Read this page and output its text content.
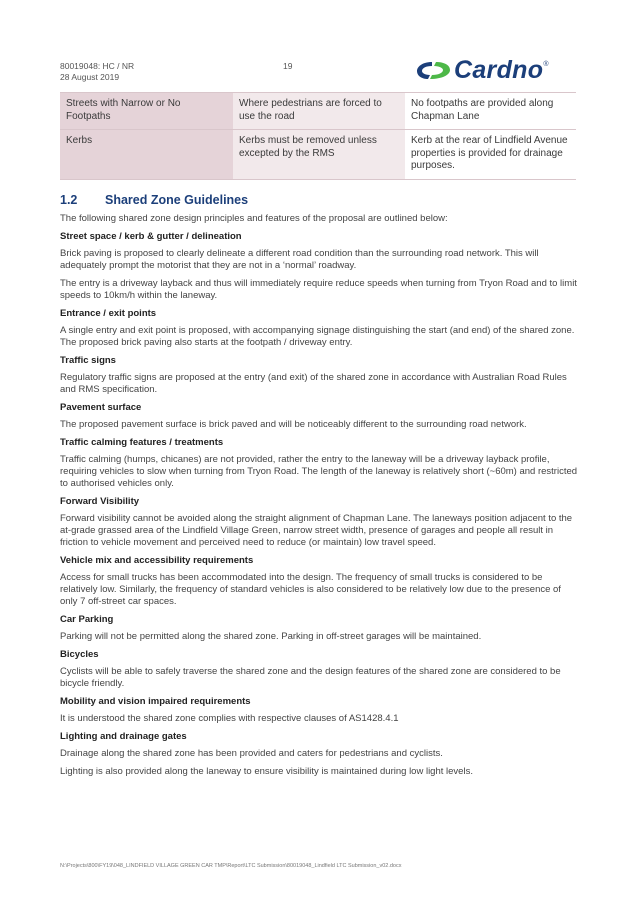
80019048: HC / NR
28 August 2019
19	Cardno ®
Streets with Narrow or No Footpaths	Where pedestrians are forced to use the road	No footpaths are provided along Chapman Lane
Kerbs	Kerbs must be removed unless excepted by the RMS	Kerb at the rear of Lindfield Avenue properties is provided for drainage purposes.
1.2 Shared Zone Guidelines

The following shared zone design principles and features of the proposal are outlined below:

Street space / kerb & gutter / delineation

Brick paving is proposed to clearly delineate a different road condition than the surrounding road network. This will adequately prompt the motorist that they are not in a ‘normal’ roadway.

The entry is a driveway layback and thus will immediately require reduce speeds when turning from Tryon Road and to limit speeds to 10km/h within the laneway.

Entrance / exit points

A single entry and exit point is proposed, with accompanying signage distinguishing the start (and end) of the shared zone. The proposed brick paving also starts at the footpath / driveway entry.

Traffic signs

Regulatory traffic signs are proposed at the entry (and exit) of the shared zone in accordance with Australian Road Rules and RMS specification.

Pavement surface

The proposed pavement surface is brick paved and will be noticeably different to the surrounding road network.

Traffic calming features / treatments

Traffic calming (humps, chicanes) are not provided, rather the entry to the laneway will be a driveway layback profile, requiring vehicles to slow when turning from Tryon Road. The length of the laneway is relatively short (~60m) and restricted to authorised vehicles only.

Forward Visibility

Forward visibility cannot be avoided along the straight alignment of Chapman Lane. The laneways position adjacent to the at-grade grassed area of the Lindfield Village Green, narrow street width, presence of garages and people all result in friction to vehicle movement and perceived need to reduce (or maintain) low travel speed.

Vehicle mix and accessibility requirements

Access for small trucks has been accommodated into the design. The frequency of small trucks is considered to be relatively low. Similarly, the frequency of standard vehicles is also considered to be relatively low due to the presence of only 7 off-street car spaces.

Car Parking

Parking will not be permitted along the shared zone. Parking in off-street garages will be maintained.

Bicycles

Cyclists will be able to safely traverse the shared zone and the design features of the shared zone are considered to be bicycle friendly.

Mobility and vision impaired requirements

It is understood the shared zone complies with respective clauses of AS1428.4.1

Lighting and drainage gates

Drainage along the shared zone has been provided and caters for pedestrians and cyclists.

Lighting is also provided along the laneway to ensure visibility is maintained during low light levels.

N:\Projects\800\FY19\048_LINDFIELD VILLAGE GREEN CAR TMP\Report\LTC Submission\80019048_Lindfield LTC Submission_v02.docx
